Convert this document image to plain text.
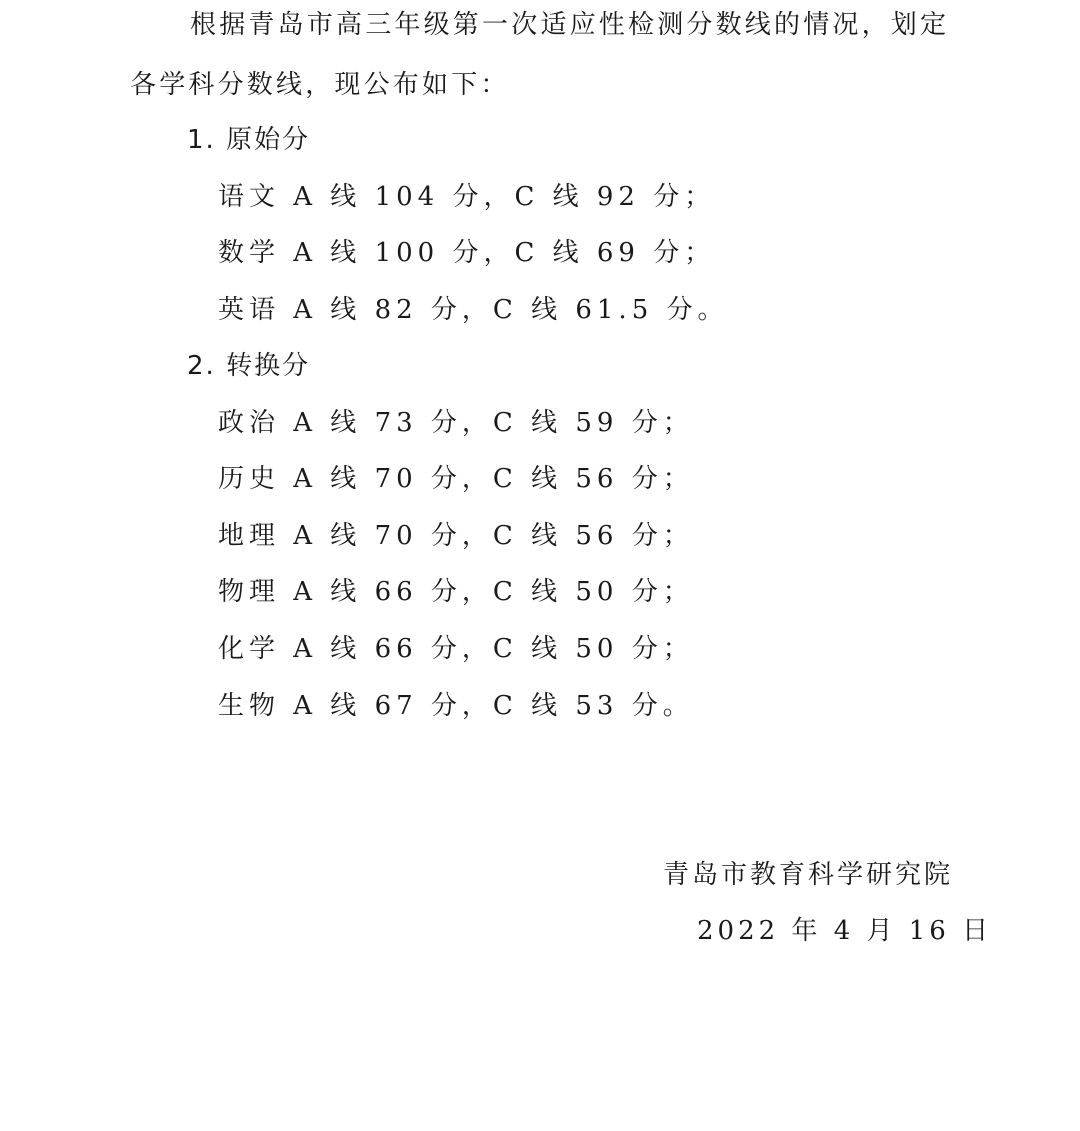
根据青岛市高三年级第一次适应性检测分数线的情况，划定
各学科分数线，现公布如下：
1. 原始分
语文 A 线 104 分，C 线 92 分；
数学 A 线 100 分，C 线 69 分；
英语 A 线 82 分，C 线 61.5 分。
2. 转换分
政治 A 线 73 分，C 线 59 分；
历史 A 线 70 分，C 线 56 分；
地理 A 线 70 分，C 线 56 分；
物理 A 线 66 分，C 线 50 分；
化学 A 线 66 分，C 线 50 分；
生物 A 线 67 分，C 线 53 分。
青岛市教育科学研究院
2022 年 4 月 16 日
